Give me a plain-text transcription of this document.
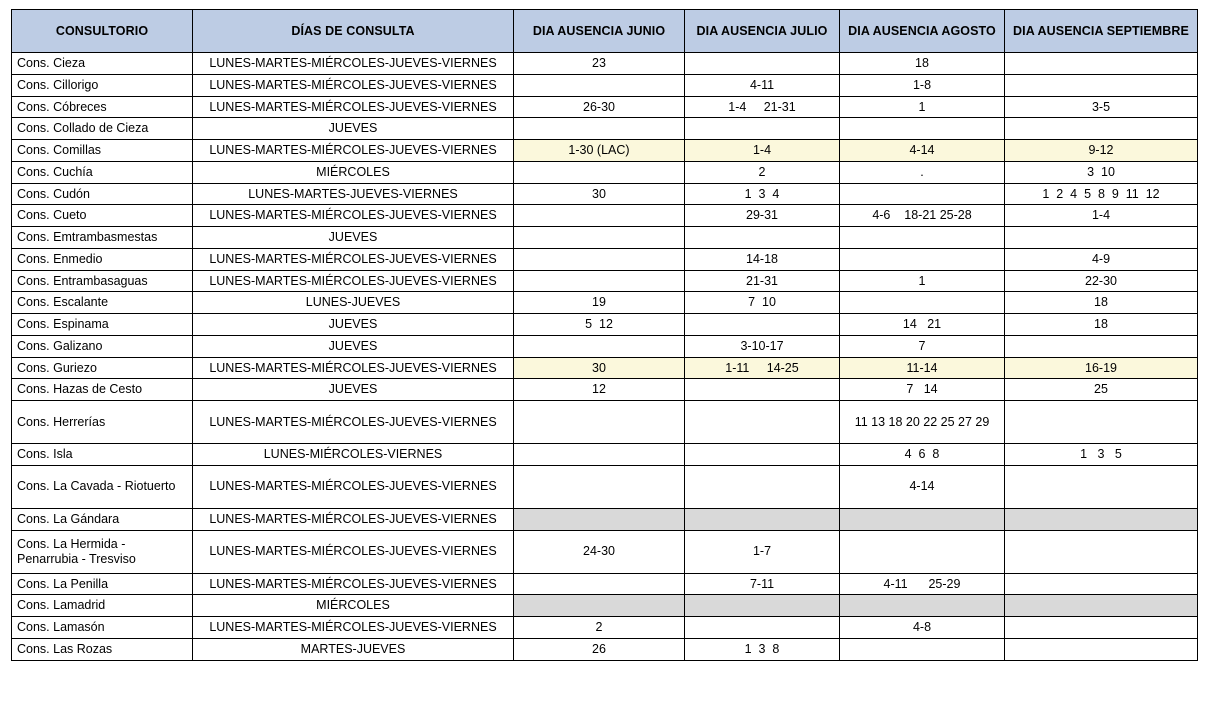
CONSULTORIO	DÍAS DE CONSULTA	DIA AUSENCIA JUNIO	DIA AUSENCIA JULIO	DIA AUSENCIA AGOSTO	DIA AUSENCIA SEPTIEMBRE
Cons. Cieza	LUNES-MARTES-MIÉRCOLES-JUEVES-VIERNES	23		18	
Cons. Cillorigo	LUNES-MARTES-MIÉRCOLES-JUEVES-VIERNES		4-11	1-8	
Cons. Cóbreces	LUNES-MARTES-MIÉRCOLES-JUEVES-VIERNES	26-30	1-4     21-31	1	3-5
Cons. Collado de Cieza	JUEVES				
Cons. Comillas	LUNES-MARTES-MIÉRCOLES-JUEVES-VIERNES	1-30 (LAC)	1-4	4-14	9-12
Cons. Cuchía	MIÉRCOLES		2	.	3  10
Cons. Cudón	LUNES-MARTES-JUEVES-VIERNES	30	1  3  4		1  2  4  5  8  9  11  12
Cons. Cueto	LUNES-MARTES-MIÉRCOLES-JUEVES-VIERNES		29-31	4-6    18-21 25-28	1-4
Cons. Emtrambasmestas	JUEVES				
Cons. Enmedio	LUNES-MARTES-MIÉRCOLES-JUEVES-VIERNES		14-18		4-9
Cons. Entrambasaguas	LUNES-MARTES-MIÉRCOLES-JUEVES-VIERNES		21-31	1	22-30
Cons. Escalante	LUNES-JUEVES	19	7  10		18
Cons. Espinama	JUEVES	5  12		14   21	18
Cons. Galizano	JUEVES		3-10-17	7	
Cons. Guriezo	LUNES-MARTES-MIÉRCOLES-JUEVES-VIERNES	30	1-11     14-25	11-14	16-19
Cons. Hazas de Cesto	JUEVES	12		7   14	25
Cons. Herrerías	LUNES-MARTES-MIÉRCOLES-JUEVES-VIERNES			11 13 18 20 22 25 27 29	
Cons. Isla	LUNES-MIÉRCOLES-VIERNES			4  6  8	1   3   5
Cons. La Cavada - Riotuerto	LUNES-MARTES-MIÉRCOLES-JUEVES-VIERNES			4-14	
Cons. La Gándara	LUNES-MARTES-MIÉRCOLES-JUEVES-VIERNES				
Cons. La Hermida - Penarrubia - Tresviso	LUNES-MARTES-MIÉRCOLES-JUEVES-VIERNES	24-30	1-7		
Cons. La Penilla	LUNES-MARTES-MIÉRCOLES-JUEVES-VIERNES		7-11	4-11      25-29	
Cons. Lamadrid	MIÉRCOLES				
Cons. Lamasón	LUNES-MARTES-MIÉRCOLES-JUEVES-VIERNES	2		4-8	
Cons. Las Rozas	MARTES-JUEVES	26	1  3  8		
